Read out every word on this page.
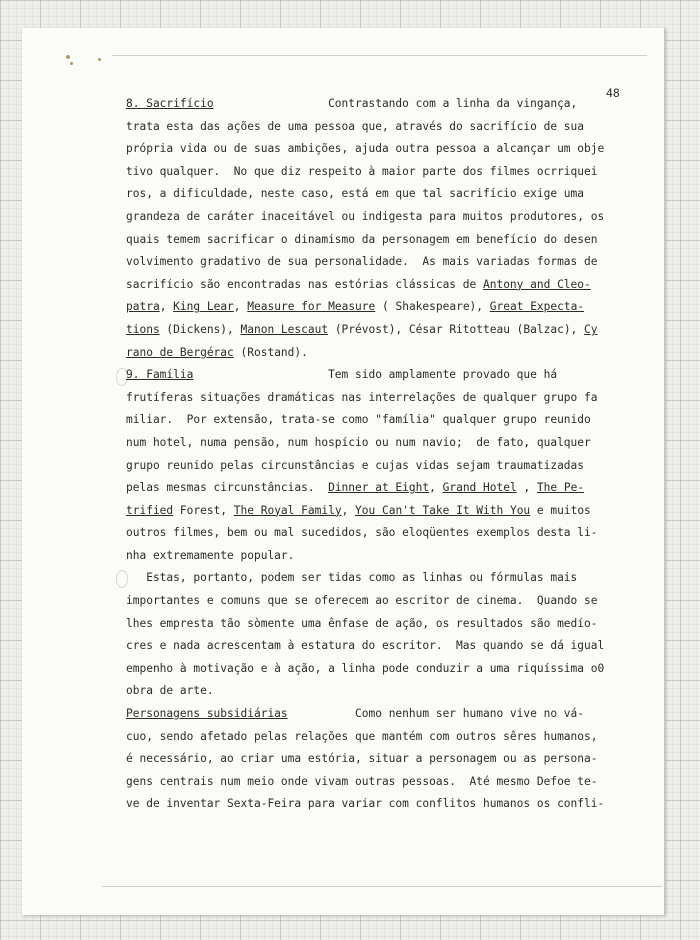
48
8. Sacrifício                 Contrastando com a linha da vingança,
trata esta das ações de uma pessoa que, através do sacrifício de sua
própria vida ou de suas ambições, ajuda outra pessoa a alcançar um obje
tivo qualquer.  No que diz respeito à maior parte dos filmes ocrriquei
ros, a dificuldade, neste caso, está em que tal sacrifício exige uma
grandeza de caráter inaceitável ou indigesta para muitos produtores, os
quais temem sacrificar o dinamismo da personagem em benefício do desen
volvimento gradativo de sua personalidade.  As mais variadas formas de
sacrifício são encontradas nas estórias clássicas de Antony and Cleo-
patra, King Lear, Measure for Measure ( Shakespeare), Great Expecta-
tions (Dickens), Manon Lescaut (Prévost), César Ritotteau (Balzac), Cy
rano de Bergérac (Rostand).
9. Família                    Tem sido amplamente provado que há
frutíferas situações dramáticas nas interrelações de qualquer grupo fa
miliar.  Por extensão, trata-se como "família" qualquer grupo reunido
num hotel, numa pensão, num hospício ou num navio;  de fato, qualquer
grupo reunido pelas circunstâncias e cujas vidas sejam traumatizadas
pelas mesmas circunstâncias.  Dinner at Eight, Grand Hotel , The Pe-
trified Forest, The Royal Family, You Can't Take It With You e muitos
outros filmes, bem ou mal sucedidos, são eloqüentes exemplos desta li-
nha extremamente popular.
Estas, portanto, podem ser tidas como as linhas ou fórmulas mais
importantes e comuns que se oferecem ao escritor de cinema.  Quando se
lhes empresta tão sòmente uma ênfase de ação, os resultados são medío-
cres e nada acrescentam à estatura do escritor.  Mas quando se dá igual
empenho à motivação e à ação, a linha pode conduzir a uma riquíssima o0
obra de arte.
Personagens subsidiárias          Como nenhum ser humano vive no vá-
cuo, sendo afetado pelas relações que mantém com outros sêres humanos,
é necessário, ao criar uma estória, situar a personagem ou as persona-
gens centrais num meio onde vivam outras pessoas.  Até mesmo Defoe te-
ve de inventar Sexta-Feira para variar com conflitos humanos os confli-
